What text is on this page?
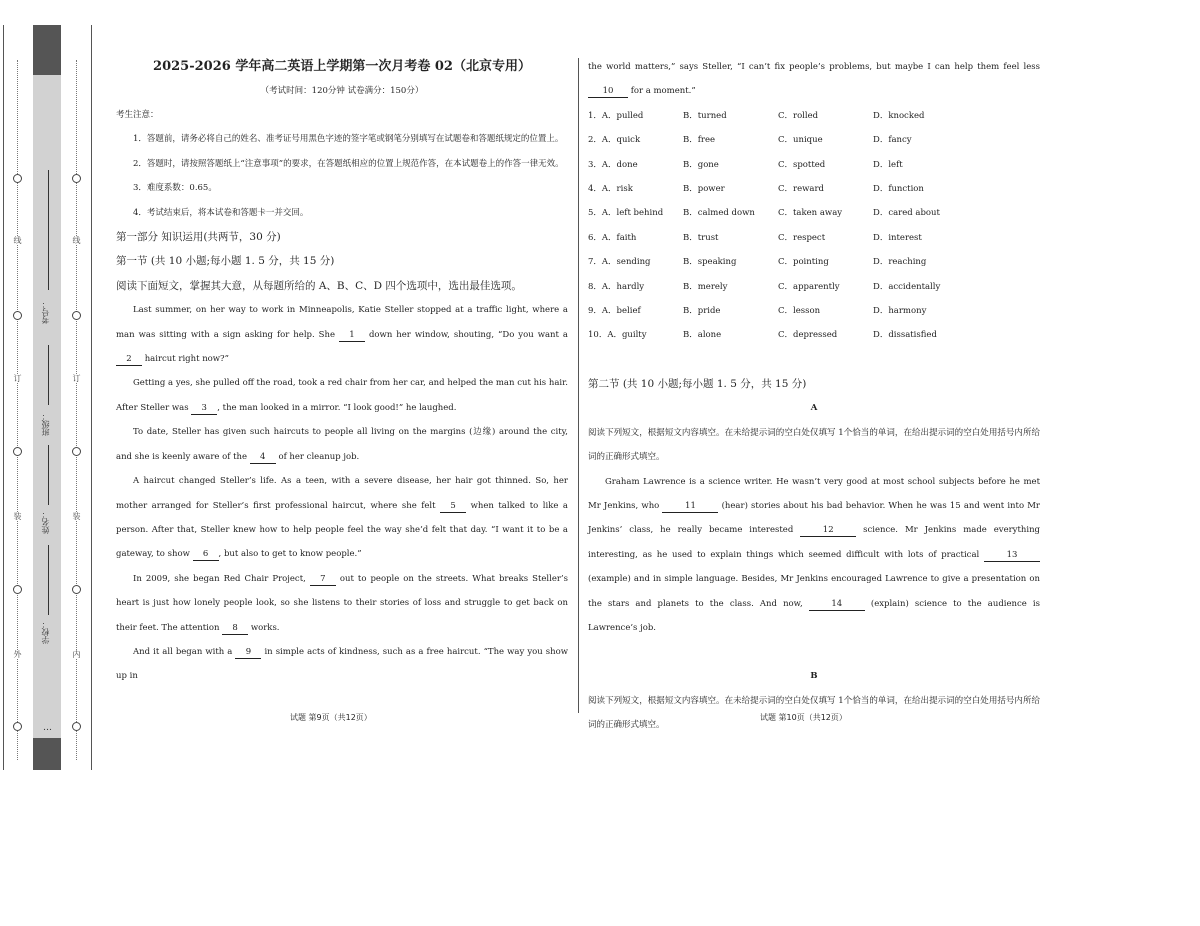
…
线
订
装
外
线
订
装
内
考号：
班级：
姓名：
学校：
2025-2026 学年高二英语上学期第一次月考卷 02（北京专用）
（考试时间：120分钟 试卷满分：150分）

考生注意：

1．答题前，请务必将自己的姓名、准考证号用黑色字迹的签字笔或钢笔分别填写在试题卷和答题纸规定的位置上。

2．答题时，请按照答题纸上“注意事项”的要求，在答题纸相应的位置上规范作答，在本试题卷上的作答一律无效。

3．难度系数：0.65。

4．考试结束后，将本试卷和答题卡一并交回。

第一部分 知识运用(共两节，30 分)

第一节 (共 10 小题;每小题 1. 5 分，共 15 分)

阅读下面短文，掌握其大意，从每题所给的 A、B、C、D 四个选项中，选出最佳选项。

Last summer, on her way to work in Minneapolis, Katie Steller stopped at a traffic light, where a man was sitting with a sign asking for help. She 1 down her window, shouting, “Do you want a 2 haircut right now?”

Getting a yes, she pulled off the road, took a red chair from her car, and helped the man cut his hair. After Steller was 3 , the man looked in a mirror. “I look good!” he laughed.

To date, Steller has given such haircuts to people all living on the margins (边缘) around the city, and she is keenly aware of the 4 of her cleanup job.

A haircut changed Steller’s life. As a teen, with a severe disease, her hair got thinned. So, her mother arranged for Steller’s first professional haircut, where she felt 5 when talked to like a person. After that, Steller knew how to help people feel the way she’d felt that day. “I want it to be a gateway, to show 6 , but also to get to know people.”

In 2009, she began Red Chair Project, 7 out to people on the streets. What breaks Steller’s heart is just how lonely people look, so she listens to their stories of loss and struggle to get back on their feet. The attention 8 works.

And it all began with a 9 in simple acts of kindness, such as a free haircut. “The way you show up in

试题 第9页（共12页）

the world matters,” says Steller, “I can’t fix people’s problems, but maybe I can help them feel less 10 for a moment.”

1．A．pulled	B．turned	C．rolled	D．knocked
2．A．quick	B．free	C．unique	D．fancy
3．A．done	B．gone	C．spotted	D．left
4．A．risk	B．power	C．reward	D．function
5．A．left behind	B．calmed down	C．taken away	D．cared about
6．A．faith	B．trust	C．respect	D．interest
7．A．sending	B．speaking	C．pointing	D．reaching
8．A．hardly	B．merely	C．apparently	D．accidentally
9．A．belief	B．pride	C．lesson	D．harmony
10．A．guilty	B．alone	C．depressed	D．dissatisfied

第二节 (共 10 小题;每小题 1. 5 分，共 15 分)

A

阅读下列短文，根据短文内容填空。在未给提示词的空白处仅填写 1个恰当的单词，在给出提示词的空白处用括号内所给词的正确形式填空。

Graham Lawrence is a science writer. He wasn’t very good at most school subjects before he met Mr Jenkins, who	11	(hear) stories about his bad behavior. When he was 15 and went into Mr Jenkins’ class, he really became interested	12	science. Mr Jenkins made everything interesting, as he used to explain things which seemed difficult with lots of practical	13 (example) and in simple language. Besides, Mr Jenkins encouraged Lawrence to give a presentation on the stars and planets to the class. And now,	14	(explain) science to the audience is Lawrence’s job.

B

阅读下列短文，根据短文内容填空。在未给提示词的空白处仅填写 1个恰当的单词，在给出提示词的空白处用括号内所给词的正确形式填空。

试题 第10页（共12页）
